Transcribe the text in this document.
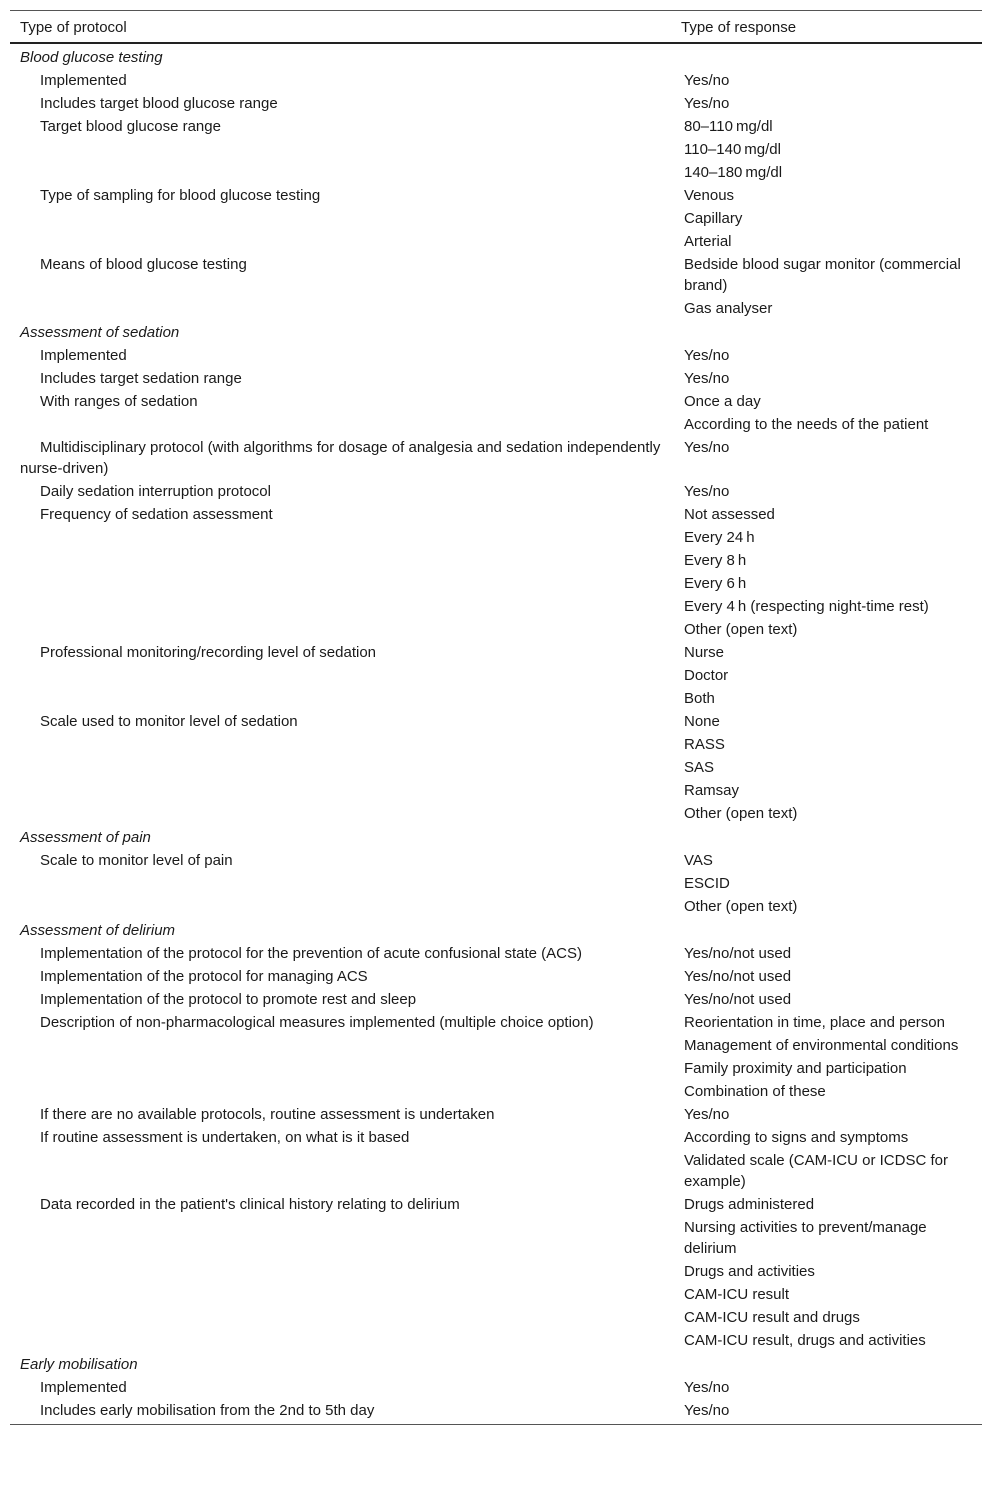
Type of protocol	Type of response
Blood glucose testing	
Implemented	Yes/no
Includes target blood glucose range	Yes/no
Target blood glucose range	80–110 mg/dl
	110–140 mg/dl
	140–180 mg/dl
Type of sampling for blood glucose testing	Venous
	Capillary
	Arterial
Means of blood glucose testing	Bedside blood sugar monitor (commercial brand)
	Gas analyser
Assessment of sedation	
Implemented	Yes/no
Includes target sedation range	Yes/no
With ranges of sedation	Once a day
	According to the needs of the patient
Multidisciplinary protocol (with algorithms for dosage of analgesia and sedation independently nurse-driven)	Yes/no
Daily sedation interruption protocol	Yes/no
Frequency of sedation assessment	Not assessed
	Every 24 h
	Every 8 h
	Every 6 h
	Every 4 h (respecting night-time rest)
	Other (open text)
Professional monitoring/recording level of sedation	Nurse
	Doctor
	Both
Scale used to monitor level of sedation	None
	RASS
	SAS
	Ramsay
	Other (open text)
Assessment of pain	
Scale to monitor level of pain	VAS
	ESCID
	Other (open text)
Assessment of delirium	
Implementation of the protocol for the prevention of acute confusional state (ACS)	Yes/no/not used
Implementation of the protocol for managing ACS	Yes/no/not used
Implementation of the protocol to promote rest and sleep	Yes/no/not used
Description of non-pharmacological measures implemented (multiple choice option)	Reorientation in time, place and person
	Management of environmental conditions
	Family proximity and participation
	Combination of these
If there are no available protocols, routine assessment is undertaken	Yes/no
If routine assessment is undertaken, on what is it based	According to signs and symptoms
	Validated scale (CAM-ICU or ICDSC for example)
Data recorded in the patient's clinical history relating to delirium	Drugs administered
	Nursing activities to prevent/manage delirium
	Drugs and activities
	CAM-ICU result
	CAM-ICU result and drugs
	CAM-ICU result, drugs and activities
Early mobilisation	
Implemented	Yes/no
Includes early mobilisation from the 2nd to 5th day	Yes/no
